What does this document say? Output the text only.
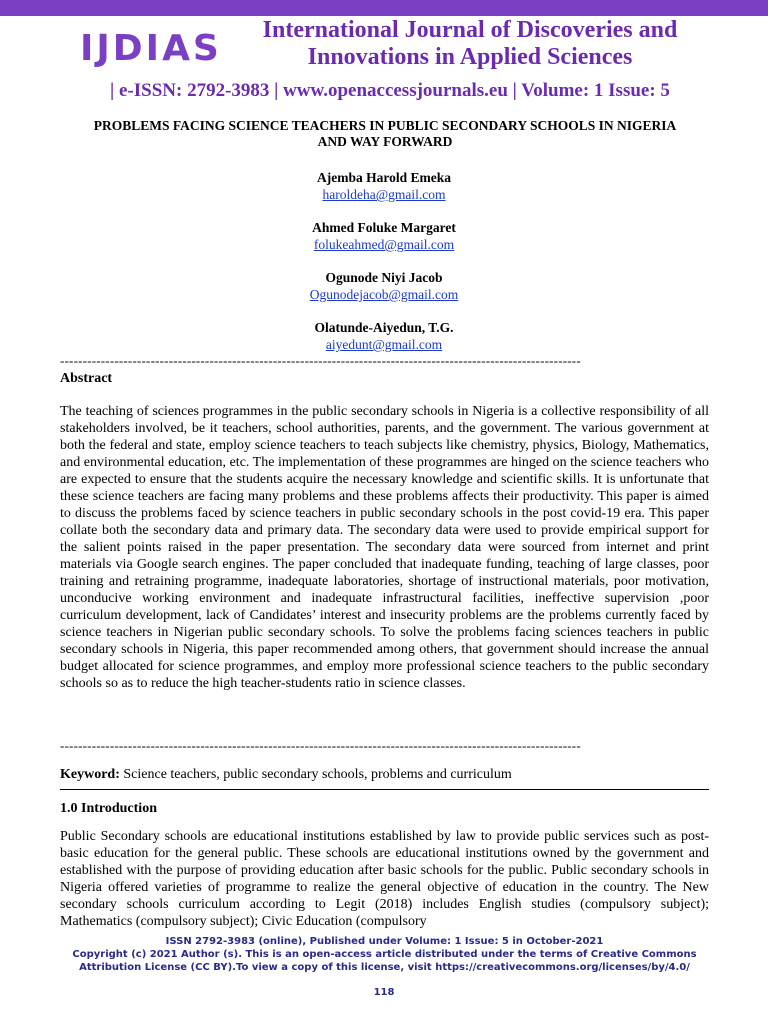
IJDIAS	International Journal of Discoveries and Innovations in Applied Sciences
| e-ISSN: 2792-3983 | www.openaccessjournals.eu | Volume: 1 Issue: 5
PROBLEMS FACING SCIENCE TEACHERS IN PUBLIC SECONDARY SCHOOLS IN NIGERIA AND WAY FORWARD
Ajemba Harold Emeka
haroldeha@gmail.com
Ahmed Foluke Margaret
folukeahmed@gmail.com
Ogunode Niyi Jacob
Ogunodejacob@gmail.com
Olatunde-Aiyedun, T.G.
aiyedunt@gmail.com
-------------------------------------------------------------------------------------------------------------------
Abstract

The teaching of sciences programmes in the public secondary schools in Nigeria is a collective responsibility of all stakeholders involved, be it teachers, school authorities, parents, and the government. The various government at both the federal and state, employ science teachers to teach subjects like chemistry, physics, Biology, Mathematics, and environmental education, etc. The implementation of these programmes are hinged on the science teachers who are expected to ensure that the students acquire the necessary knowledge and scientific skills. It is unfortunate that these science teachers are facing many problems and these problems affects their productivity. This paper is aimed to discuss the problems faced by science teachers in public secondary schools in the post covid-19 era. This paper collate both the secondary data and primary data. The secondary data were used to provide empirical support for the salient points raised in the paper presentation. The secondary data were sourced from internet and print materials via Google search engines. The paper concluded that inadequate funding, teaching of large classes, poor training and retraining programme, inadequate laboratories, shortage of instructional materials, poor motivation, unconducive working environment and inadequate infrastructural facilities, ineffective supervision ,poor curriculum development, lack of Candidates’ interest and insecurity problems are the problems currently faced by science teachers in Nigerian public secondary schools. To solve the problems facing sciences teachers in public secondary schools in Nigeria, this paper recommended among others, that government should increase the annual budget allocated for science programmes, and employ more professional science teachers to the public secondary schools so as to reduce the high teacher-students ratio in science classes.

-------------------------------------------------------------------------------------------------------------------
Keyword: Science teachers, public secondary schools, problems and curriculum
1.0 Introduction

Public Secondary schools are educational institutions established by law to provide public services such as post-basic education for the general public. These schools are educational institutions owned by the government and established with the purpose of providing education after basic schools for the public. Public secondary schools in Nigeria offered varieties of programme to realize the general objective of education in the country. The New secondary schools curriculum according to Legit (2018) includes English studies (compulsory subject); Mathematics (compulsory subject); Civic Education (compulsory

ISSN 2792-3983 (online), Published under Volume: 1 Issue: 5 in October-2021
Copyright (c) 2021 Author (s). This is an open-access article distributed under the terms of Creative Commons
Attribution License (CC BY).To view a copy of this license, visit https://creativecommons.org/licenses/by/4.0/
118
